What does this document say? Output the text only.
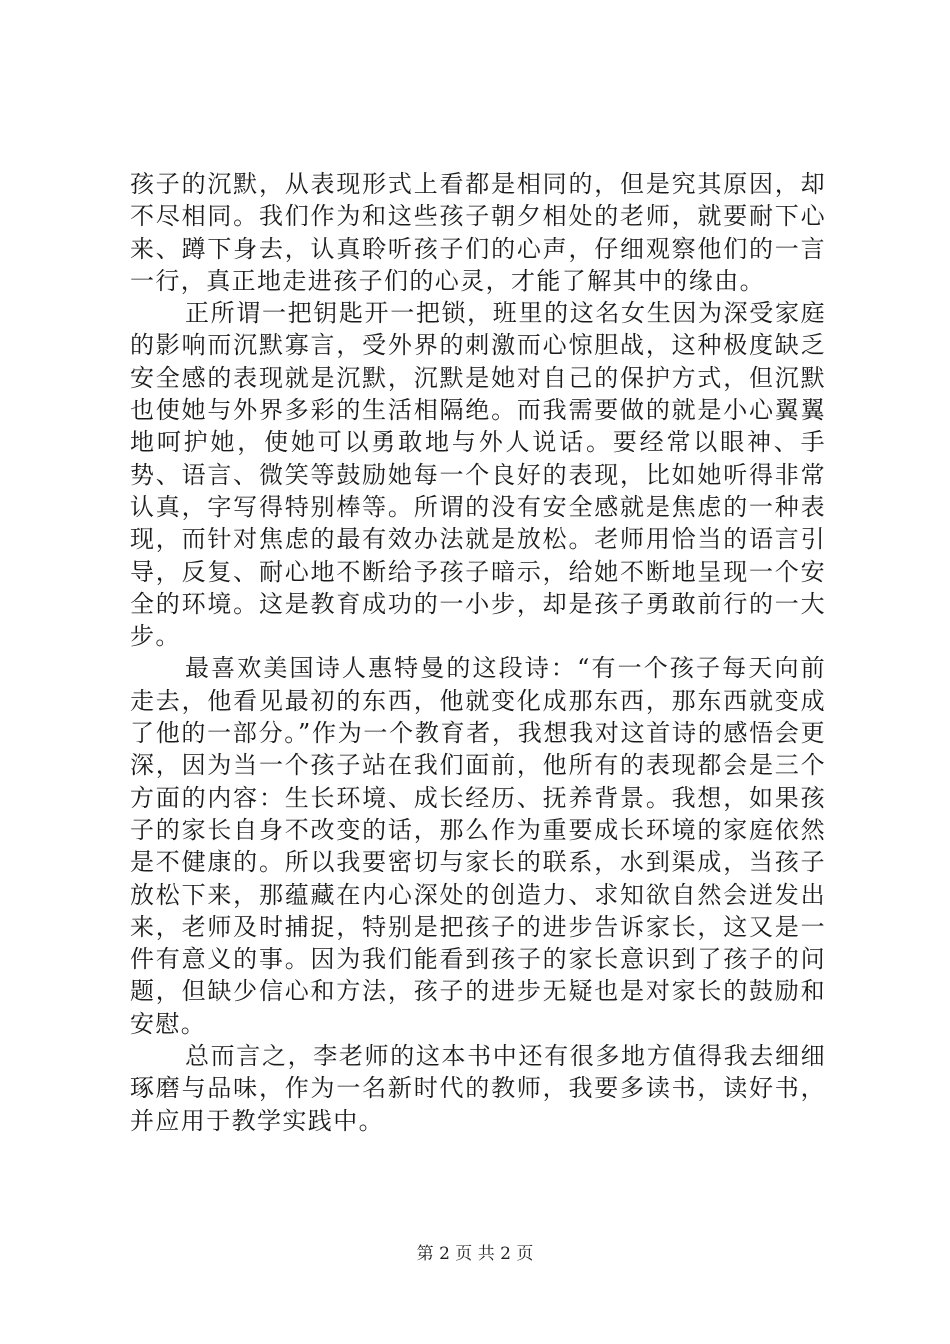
孩子的沉默，从表现形式上看都是相同的，但是究其原因，却不尽相同。我们作为和这些孩子朝夕相处的老师，就要耐下心来、蹲下身去，认真聆听孩子们的心声，仔细观察他们的一言一行，真正地走进孩子们的心灵，才能了解其中的缘由。

正所谓一把钥匙开一把锁，班里的这名女生因为深受家庭的影响而沉默寡言，受外界的刺激而心惊胆战，这种极度缺乏安全感的表现就是沉默，沉默是她对自己的保护方式，但沉默也使她与外界多彩的生活相隔绝。而我需要做的就是小心翼翼地呵护她，使她可以勇敢地与外人说话。要经常以眼神、手势、语言、微笑等鼓励她每一个良好的表现，比如她听得非常认真，字写得特别棒等。所谓的没有安全感就是焦虑的一种表现，而针对焦虑的最有效办法就是放松。老师用恰当的语言引导，反复、耐心地不断给予孩子暗示，给她不断地呈现一个安全的环境。这是教育成功的一小步，却是孩子勇敢前行的一大步。

最喜欢美国诗人惠特曼的这段诗：“有一个孩子每天向前走去，他看见最初的东西，他就变化成那东西，那东西就变成了他的一部分。”作为一个教育者，我想我对这首诗的感悟会更深，因为当一个孩子站在我们面前，他所有的表现都会是三个方面的内容：生长环境、成长经历、抚养背景。我想，如果孩子的家长自身不改变的话，那么作为重要成长环境的家庭依然是不健康的。所以我要密切与家长的联系，水到渠成，当孩子放松下来，那蕴藏在内心深处的创造力、求知欲自然会迸发出来，老师及时捕捉，特别是把孩子的进步告诉家长，这又是一件有意义的事。因为我们能看到孩子的家长意识到了孩子的问题，但缺少信心和方法，孩子的进步无疑也是对家长的鼓励和安慰。

总而言之，李老师的这本书中还有很多地方值得我去细细琢磨与品味，作为一名新时代的教师，我要多读书，读好书，并应用于教学实践中。

第 2 页 共 2 页
